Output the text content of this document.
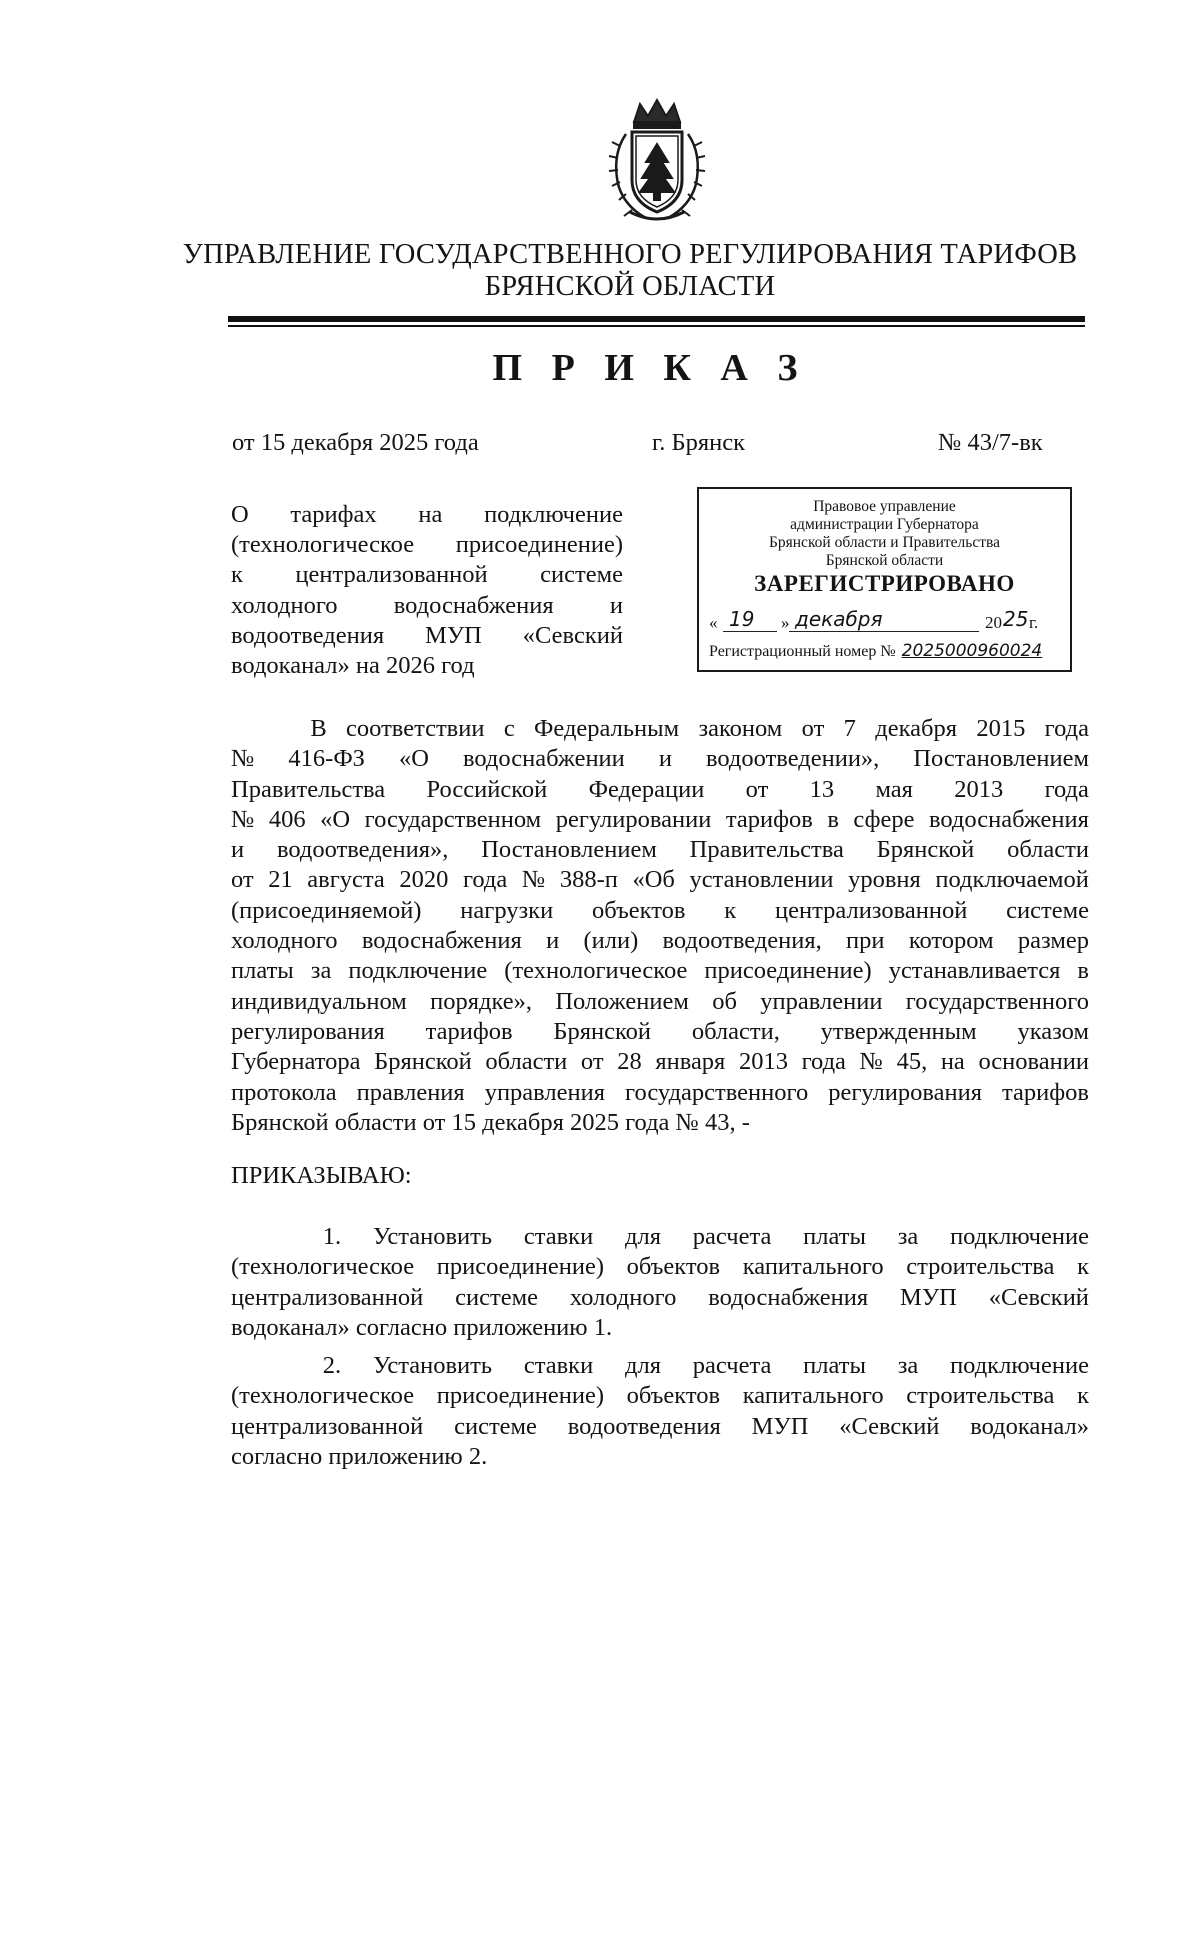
УПРАВЛЕНИЕ ГОСУДАРСТВЕННОГО РЕГУЛИРОВАНИЯ ТАРИФОВ
БРЯНСКОЙ ОБЛАСТИ
П Р И К А З
от 15 декабря 2025 года	г. Брянск	№ 43/7-вк
О тарифах на подключение
(технологическое присоединение)
к централизованной системе
холодного водоснабжения и
водоотведения МУП «Севский
водоканал» на 2026 год
Правовое управление
администрации Губернатора
Брянской области и Правительства
Брянской области
ЗАРЕГИСТРИРОВАНО
« 19 » декабря	20 25 г.
Регистрационный номер № 2025000960024
В соответствии с Федеральным законом от 7 декабря 2015 года
№ 416-ФЗ «О водоснабжении и водоотведении», Постановлением
Правительства Российской Федерации от 13 мая 2013 года
№ 406 «О государственном регулировании тарифов в сфере водоснабжения
и водоотведения», Постановлением Правительства Брянской области
от 21 августа 2020 года № 388-п «Об установлении уровня подключаемой
(присоединяемой) нагрузки объектов к централизованной системе
холодного водоснабжения и (или) водоотведения, при котором размер
платы за подключение (технологическое присоединение) устанавливается в
индивидуальном порядке», Положением об управлении государственного
регулирования тарифов Брянской области, утвержденным указом
Губернатора Брянской области от 28 января 2013 года № 45, на основании
протокола правления управления государственного регулирования тарифов
Брянской области от 15 декабря 2025 года № 43, -
ПРИКАЗЫВАЮ:
1. Установить ставки для расчета платы за подключение
(технологическое присоединение) объектов капитального строительства к
централизованной системе холодного водоснабжения МУП «Севский
водоканал» согласно приложению 1.
2. Установить ставки для расчета платы за подключение
(технологическое присоединение) объектов капитального строительства к
централизованной системе водоотведения МУП «Севский водоканал»
согласно приложению 2.
